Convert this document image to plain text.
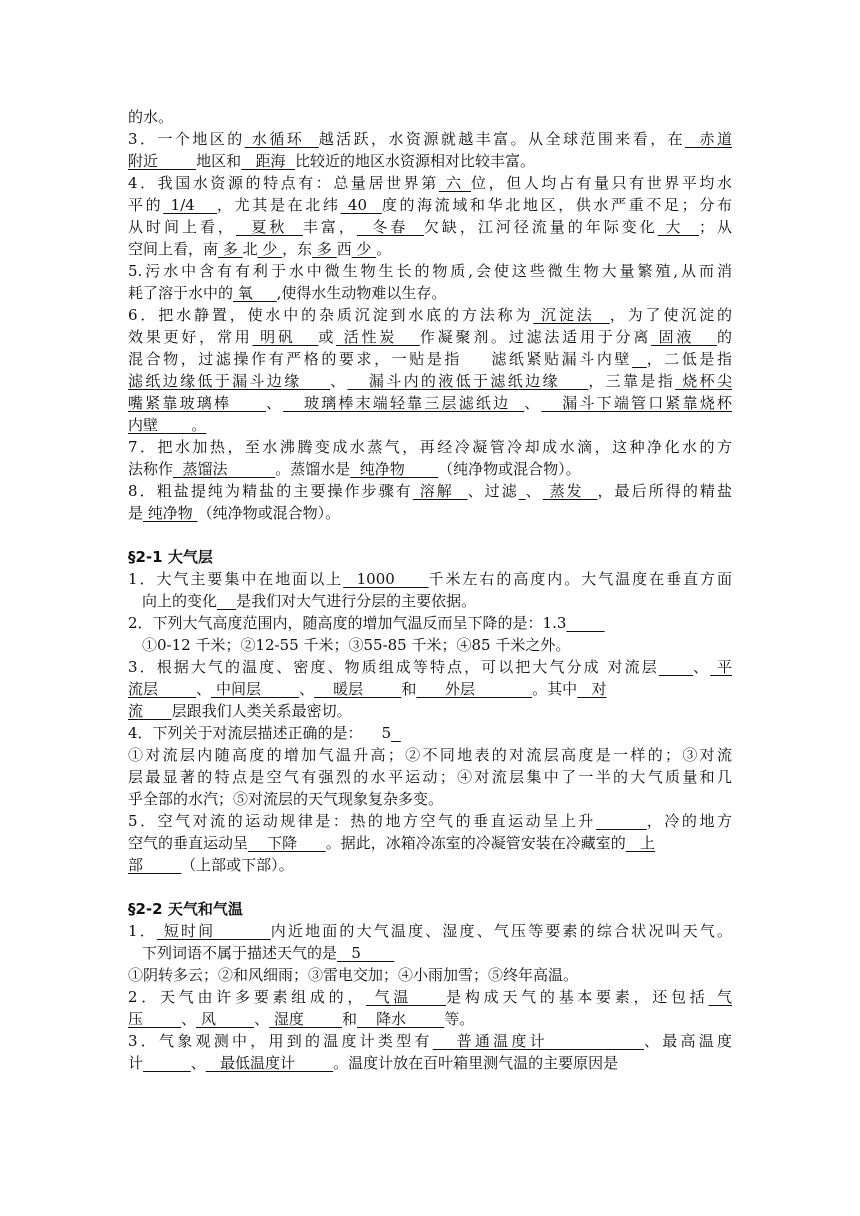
的水。
3．一个地区的 水循环  越活跃，水资源就越丰富。从全球范围来看，在  赤道
附近        地区和   距海  比较近的地区水资源相对比较丰富。
4．我国水资源的特点有：总量居世界第 六 位，但人均占有量只有世界平均水
平的 1/4   ，尤其是在北纬 40  度的海流域和华北地区，供水严重不足；分布
从时间上看，  夏秋  丰富，  冬春  欠缺，江河径流量的年际变化 大  ；从
空间上看，南 多 北 少 ，东 多 西 少 。
5.污水中含有有利于水中微生物生长的物质,会使这些微生物大量繁殖,从而消
耗了溶于水中的 氧     ,使得水生动物难以生存。
6．把水静置，使水中的杂质沉淀到水底的方法称为 沉淀法  ，为了使沉淀的
效果更好，常用 明矾   或 活性炭   作凝聚剂。过滤法适用于分离 固液   的
混合物，过滤操作有严格的要求，一贴是指    滤纸紧贴漏斗内壁 ，二低是指
滤纸边缘低于漏斗边缘    、   漏斗内的液低于滤纸边缘    ，三靠是指 烧杯尖
嘴紧靠玻璃棒     、   玻璃棒末端轻靠三层滤纸边  、   漏斗下端管口紧靠烧杯
内壁       。
7．把水加热，至水沸腾变成水蒸气，再经冷凝管冷却成水滴，这种净化水的方
法称作  蒸馏法          。蒸馏水是  纯净物       （纯净物或混合物）。
8．粗盐提纯为精盐的主要操作步骤有 溶解  、过滤 、 蒸发  ，最后所得的精盐
是 纯净物 （纯净物或混合物）。
§2-1 大气层
1．大气主要集中在地面以上  1000     千米左右的高度内。大气温度在垂直方面
向上的变化 是我们对大气进行分层的主要依据。
2．下列大气高度范围内，随高度的增加气温反而呈下降的是：1.3
①0-12 千米；②12-55 千米；③55-85 千米；④85 千米之外。
3．根据大气的温度、密度、物质组成等特点，可以把大气分成 对流层 、 平
流层        、 中间层        、    暖层        和      外层            。其中   对
流      层跟我们人类关系最密切。
4．下列关于对流层描述正确的是：    5
①对流层内随高度的增加气温升高；②不同地表的对流层高度是一样的；③对流
层最显著的特点是空气有强烈的水平运动；④对流层集中了一半的大气质量和几
乎全部的水汽；⑤对流层的天气现象复杂多变。
5．空气对流的运动规律是：热的地方空气的垂直运动呈上升	，冷的地方
空气的垂直运动呈    下降      。据此，冰箱冷冻室的冷凝管安装在冷藏室的   上
部        （上部或下部）。
§2-2 天气和气温
1． 短时间        内近地面的大气温度、湿度、气压等要素的综合状况叫天气。
下列词语不属于描述天气的是   5
①阴转多云；②和风细雨；③雷电交加；④小雨加雪；⑤终年高温。
2．天气由许多要素组成的， 气温    是构成天气的基本要素，还包括 气
压        、 风        、 湿度        和    降水        等。
3．气象观测中，用到的温度计类型有   普通温度计            、最高温度
计	、   最低温度计        。温度计放在百叶箱里测气温的主要原因是
